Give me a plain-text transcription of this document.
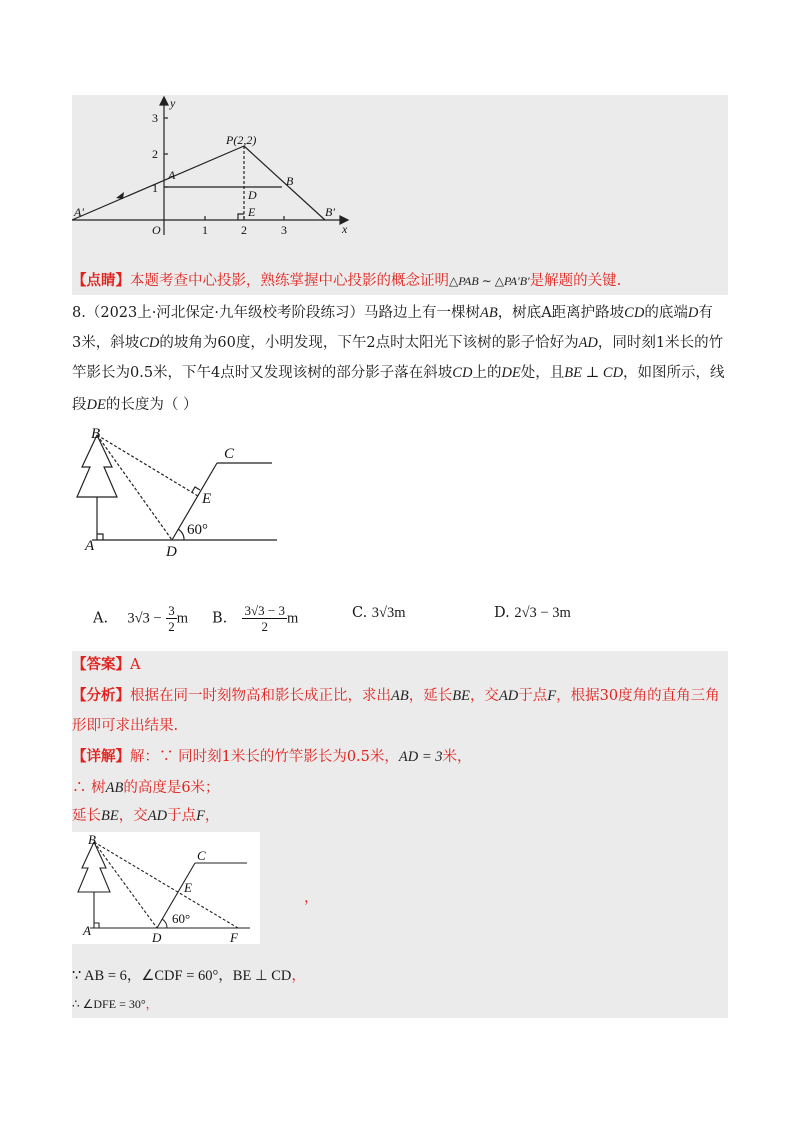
3
2
1
1	2	3	x
y
O
P(2,2)
A	B
D
E
A′	B′
【点睛】本题考查中心投影，熟练掌握中心投影的概念证明△PAB ∼ △PA′B′是解题的关键.
8.（2023上·河北保定·九年级校考阶段练习）马路边上有一棵树AB，树底A距离护路坡CD的底端D有
3米，斜坡CD的坡角为60度，小明发现，下午2点时太阳光下该树的影子恰好为AD，同时刻1米长的竹
竿影长为0.5米，下午4点时又发现该树的部分影子落在斜坡CD上的DE处，且BE ⊥ CD，如图所示，线
段DE的长度为（ ）
B
C
E
A	D
60°
A. $3√3 - \frac{3}{2}$ m B. $\frac{3√3 - 3}{2}$ m	C. 3√3m	D. 2√3 − 3m
【答案】A
【分析】根据在同一时刻物高和影长成正比，求出AB，延长BE，交AD于点F，根据30度角的直角三角
形即可求出结果.
【详解】解：∵ 同时刻1米长的竹竿影长为0.5米，AD = 3米，
∴ 树AB的高度是6米；
延长BE，交AD于点F，
B
C
E
A	D	F
60°
，
∵ AB = 6，∠CDF = 60°，BE ⊥ CD，
∴ ∠DFE = 30°，
